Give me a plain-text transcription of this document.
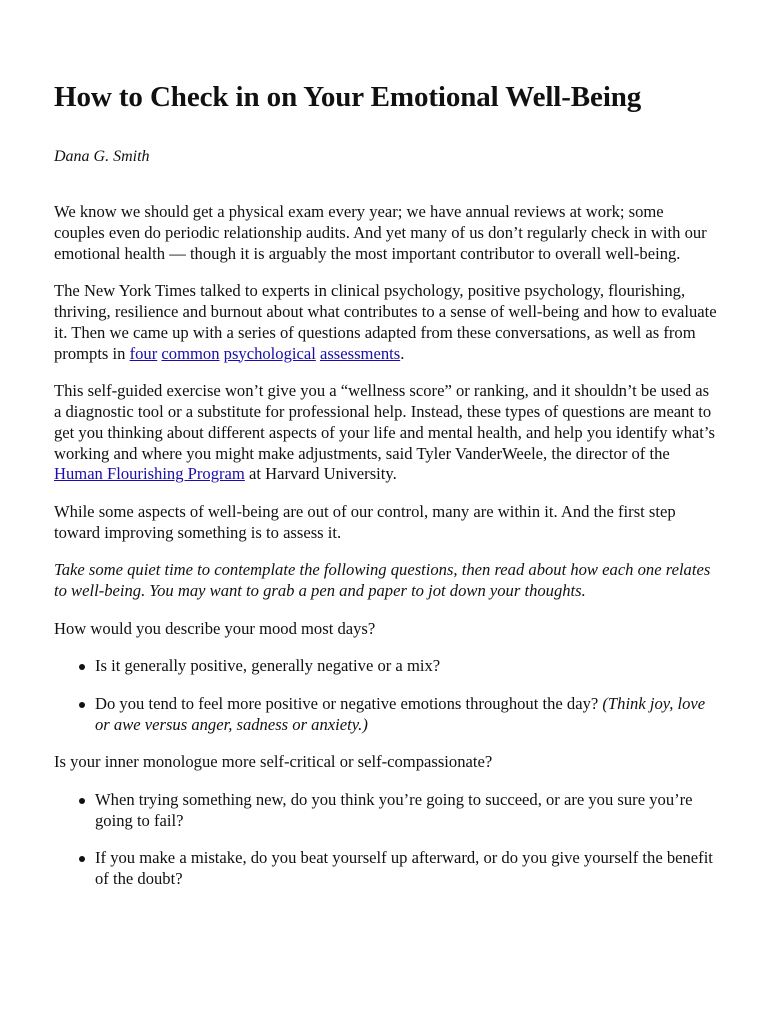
How to Check in on Your Emotional Well-Being

Dana G. Smith

We know we should get a physical exam every year; we have annual reviews at work; some couples even do periodic relationship audits. And yet many of us don’t regularly check in with our emotional health — though it is arguably the most important contributor to overall well-being.

The New York Times talked to experts in clinical psychology, positive psychology, flourishing, thriving, resilience and burnout about what contributes to a sense of well-being and how to evaluate it. Then we came up with a series of questions adapted from these conversations, as well as from prompts in four common psychological assessments.

This self-guided exercise won’t give you a “wellness score” or ranking, and it shouldn’t be used as a diagnostic tool or a substitute for professional help. Instead, these types of questions are meant to get you thinking about different aspects of your life and mental health, and help you identify what’s working and where you might make adjustments, said Tyler VanderWeele, the director of the Human Flourishing Program at Harvard University.

While some aspects of well-being are out of our control, many are within it. And the first step toward improving something is to assess it.

Take some quiet time to contemplate the following questions, then read about how each one relates to well-being. You may want to grab a pen and paper to jot down your thoughts.

How would you describe your mood most days?

Is it generally positive, generally negative or a mix?
Do you tend to feel more positive or negative emotions throughout the day? (Think joy, love or awe versus anger, sadness or anxiety.)

Is your inner monologue more self-critical or self-compassionate?

When trying something new, do you think you’re going to succeed, or are you sure you’re going to fail?
If you make a mistake, do you beat yourself up afterward, or do you give yourself the benefit of the doubt?
